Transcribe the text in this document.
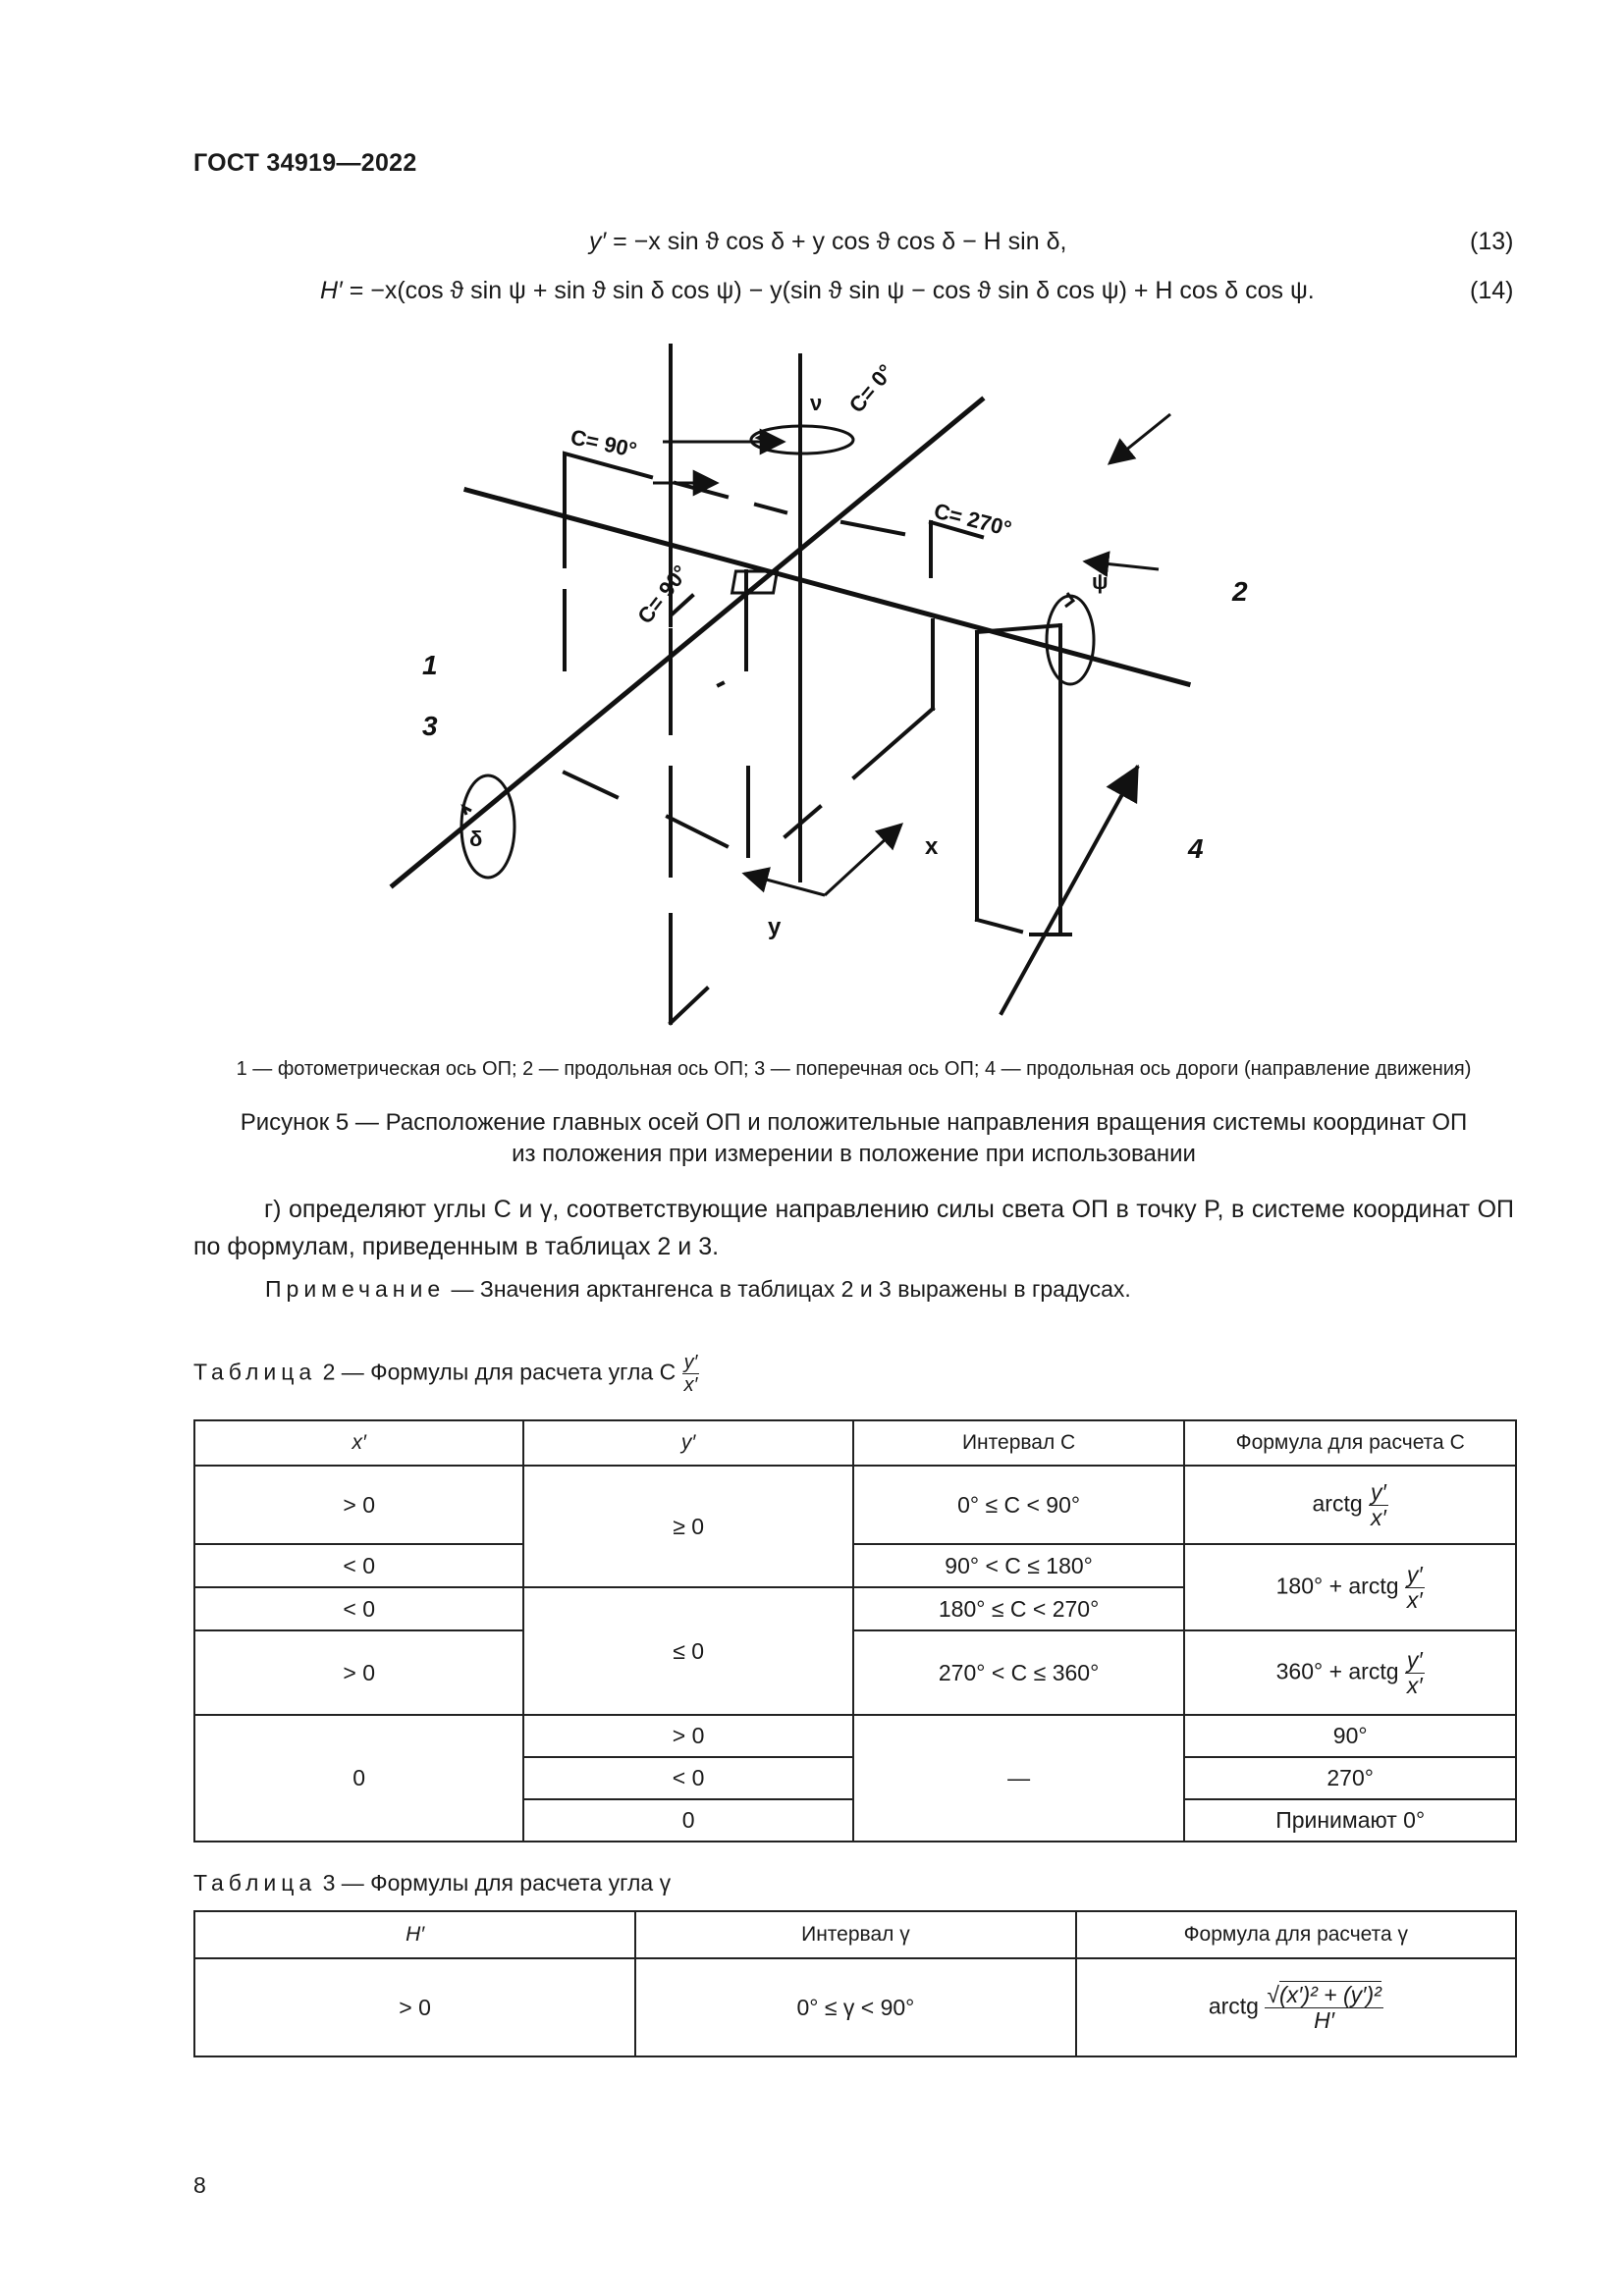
ГОСТ 34919—2022
y′ = −x sin ϑ cos δ + y cos ϑ cos δ − H sin δ,	(13)
H′ = −x(cos ϑ sin ψ + sin ϑ sin δ cos ψ) − y(sin ϑ sin ψ − cos ϑ sin δ cos ψ) + H cos δ cos ψ.	(14)
C= 90°
C= 0°
C= 270°
C= 90°
ν
ψ
δ	x
y
1
2
3
4
1 — фотометрическая ось ОП; 2 — продольная ось ОП; 3 — поперечная ось ОП; 4 — продольная ось дороги (направление движения)
Рисунок 5 — Расположение главных осей ОП и положительные направления вращения системы координат ОП
из положения при измерении в положение при использовании
г) определяют углы C и γ, соответствующие направлению силы света ОП в точку P, в системе координат ОП по формулам, приведенным в таблицах 2 и 3.
Примечание — Значения арктангенса в таблицах 2 и 3 выражены в градусах.
Таблица 2 — Формулы для расчета угла C $\frac{y'}{x'}$
x′	y′	Интервал C	Формула для расчета C
> 0	≥ 0	0° ≤ C < 90°	arctg $\frac{y'}{x'}$

< 0		90° < C ≤ 180°	180° + arctg $\frac{y'}{x'}$

< 0	≤ 0	180° ≤ C < 270°	
> 0		270° < C ≤ 360°	360° + arctg $\frac{y'}{x'}$

0	> 0	—	90°
	< 0		270°
	0		Принимают 0°
Таблица 3 — Формулы для расчета угла γ
H′	Интервал γ	Формула для расчета γ
> 0	0° ≤ γ < 90°	arctg $\frac{\text{√(x′)² + (y′)²}}{H'}$
8
